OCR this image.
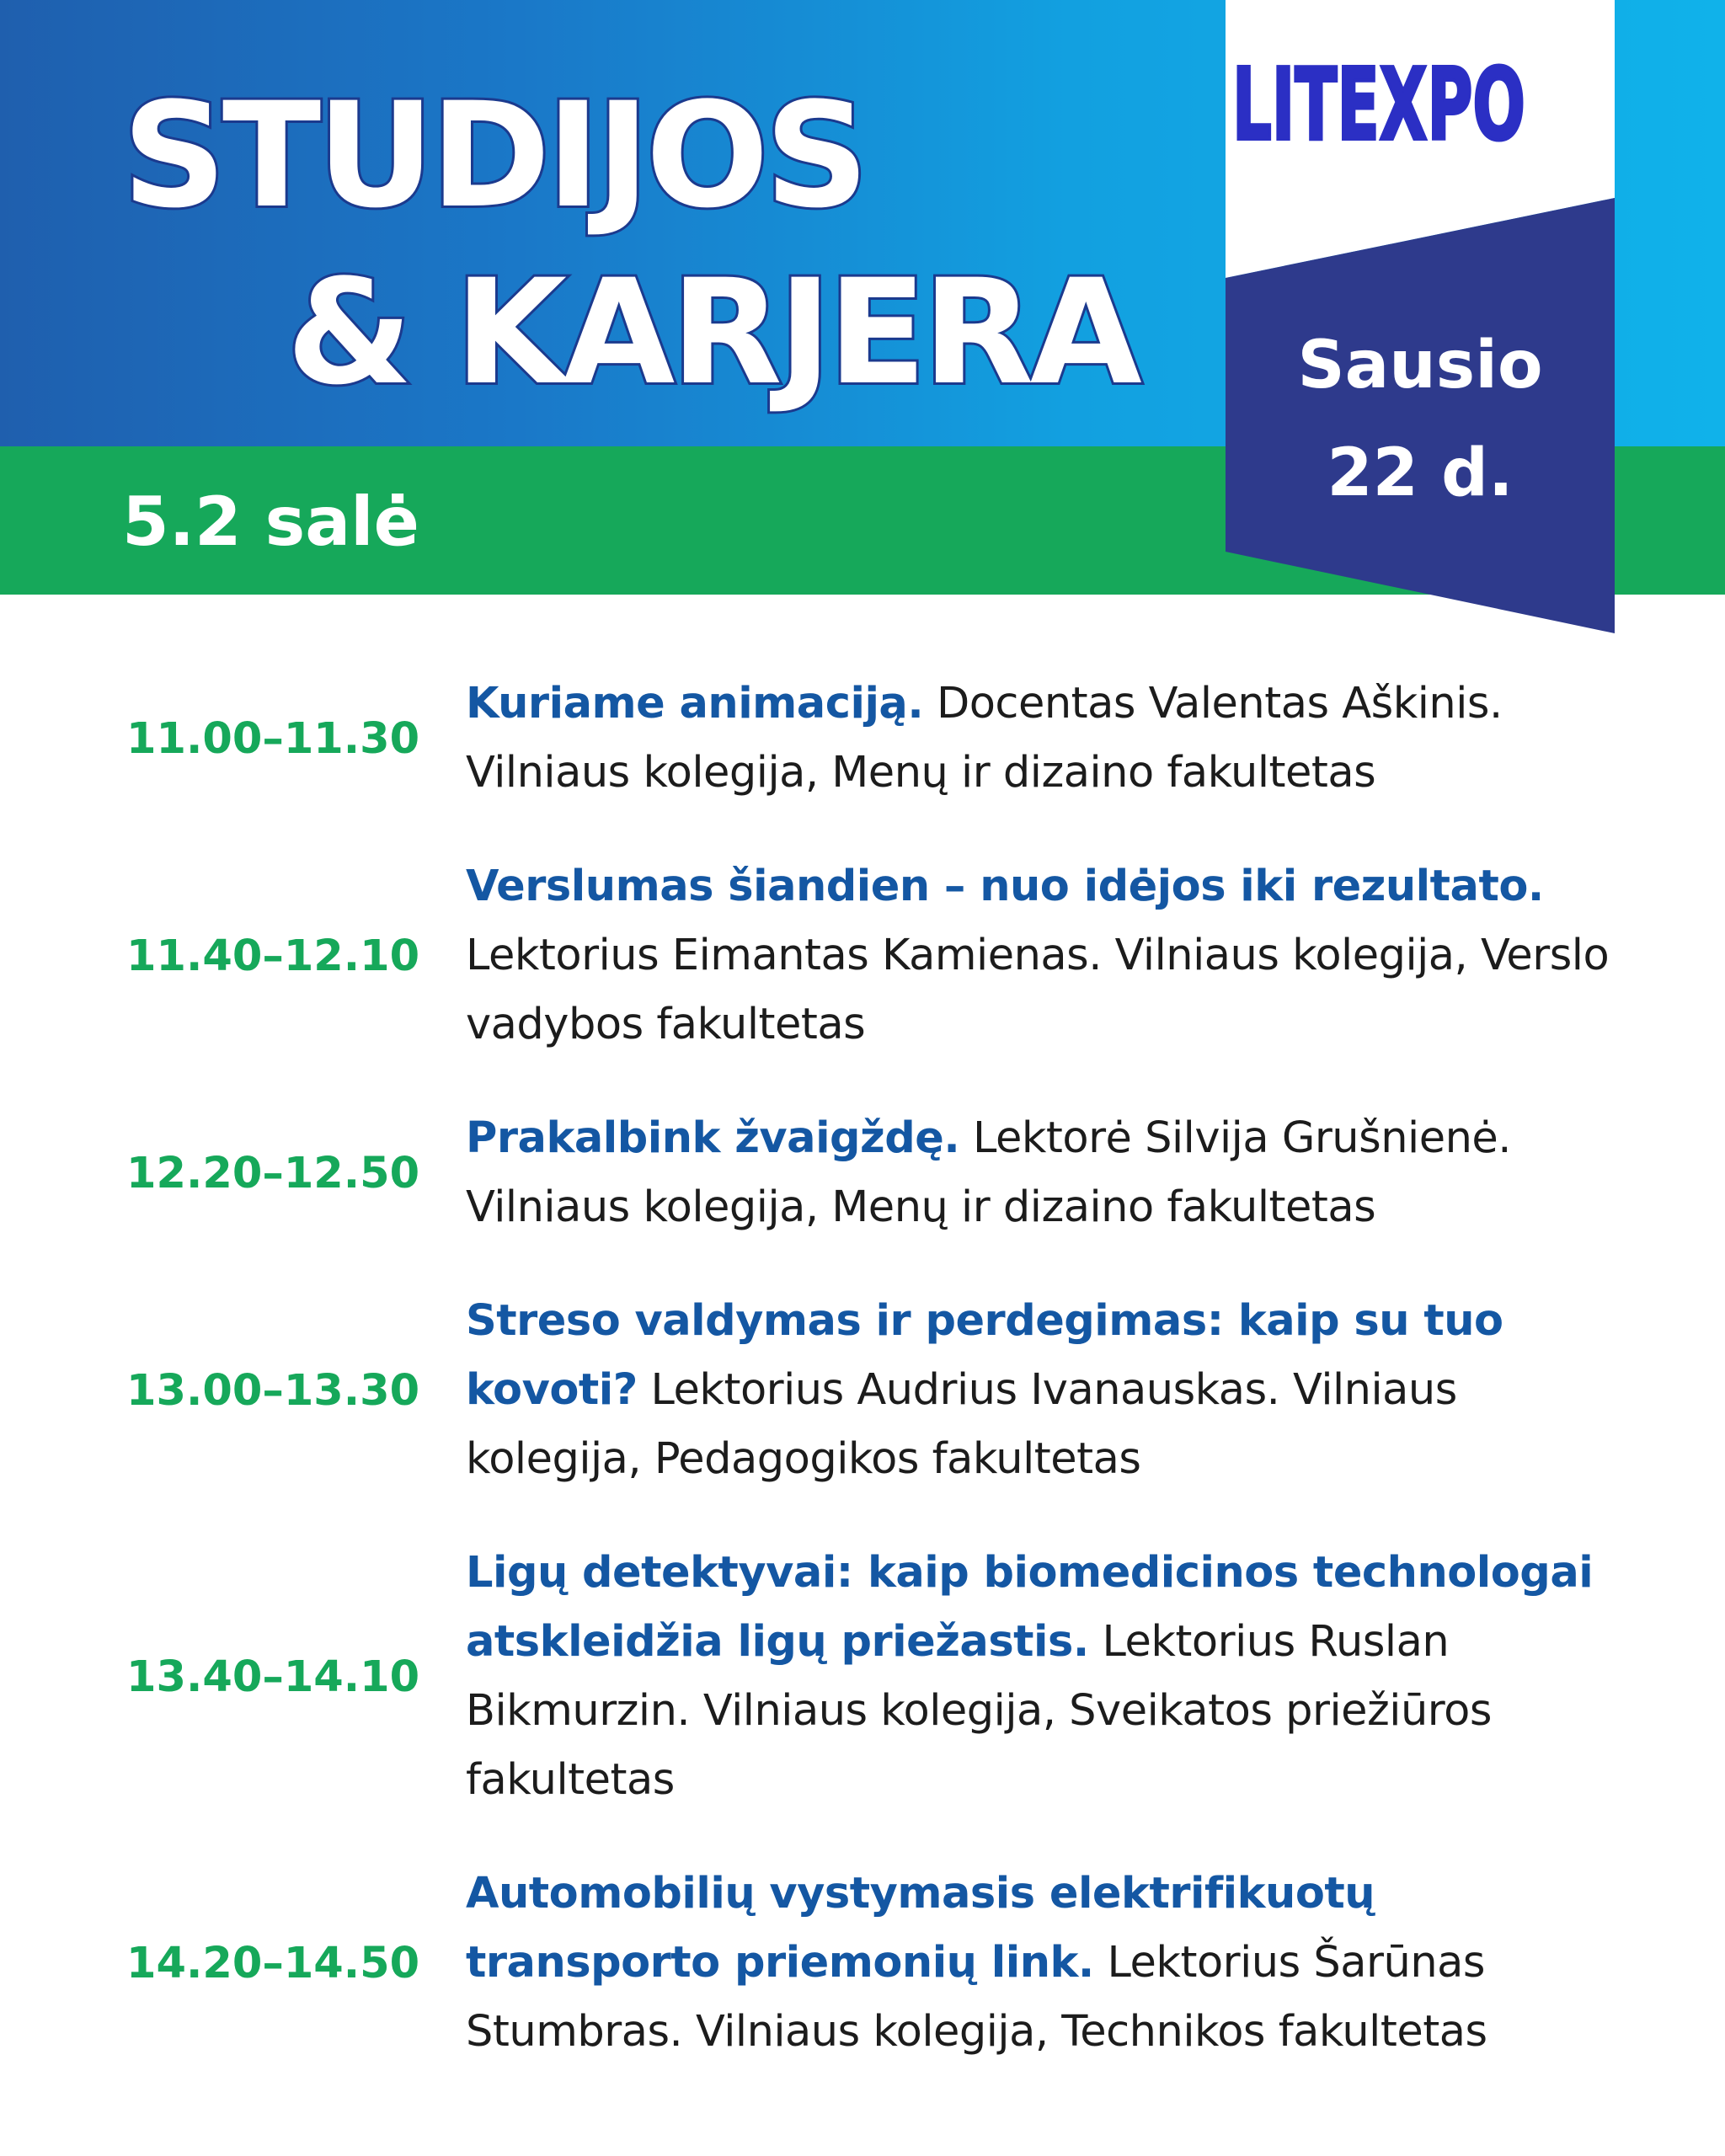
STUDIJOS
& KARJERA
5.2 salė
LITEXPO
Sausio
22 d.
11.00–11.30
Kuriame animaciją. Docentas Valentas Aškinis. Vilniaus kolegija, Menų ir dizaino fakultetas
11.40–12.10
Verslumas šiandien – nuo idėjos iki rezultato. Lektorius Eimantas Kamienas. Vilniaus kolegija, Verslo vadybos fakultetas
12.20–12.50
Prakalbink žvaigždę. Lektorė Silvija Grušnienė. Vilniaus kolegija, Menų ir dizaino fakultetas
13.00–13.30
Streso valdymas ir perdegimas: kaip su tuo kovoti? Lektorius Audrius Ivanauskas. Vilniaus kolegija, Pedagogikos fakultetas
13.40–14.10
Ligų detektyvai: kaip biomedicinos technologai atskleidžia ligų priežastis. Lektorius Ruslan Bikmurzin. Vilniaus kolegija, Sveikatos priežiūros fakultetas
14.20–14.50
Automobilių vystymasis elektrifikuotų transporto priemonių link. Lektorius Šarūnas Stumbras. Vilniaus kolegija, Technikos fakultetas
